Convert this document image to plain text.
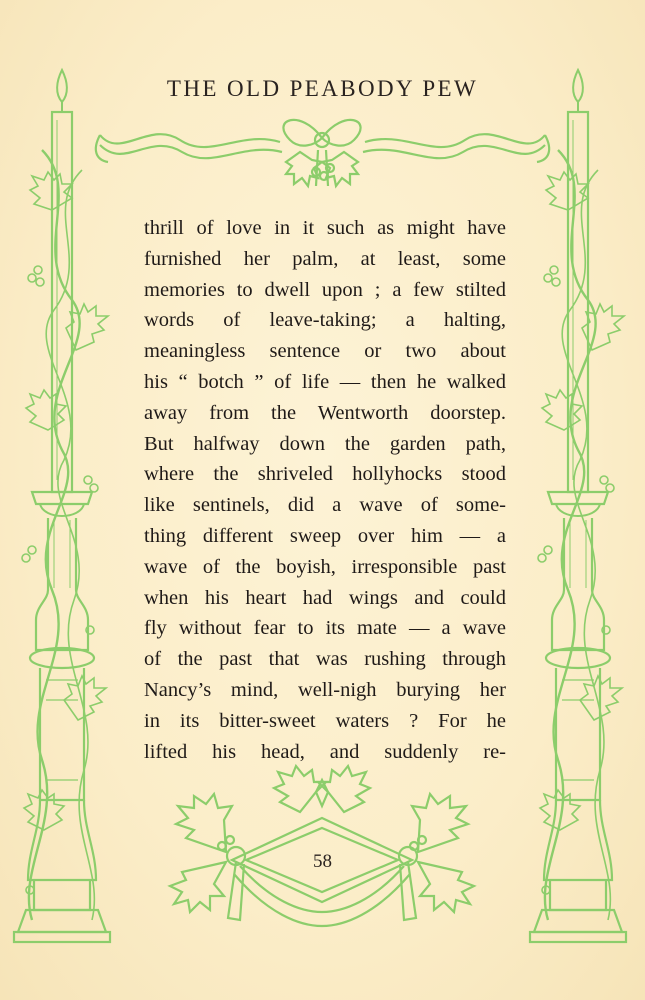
THE OLD PEABODY PEW
thrill of love in it such as might have
furnished her palm, at least, some
memories to dwell upon ; a few stilted
words of leave-taking; a halting,
meaningless sentence or two about
his “ botch ” of life — then he walked
away from the Wentworth doorstep.
But halfway down the garden path,
where the shriveled hollyhocks stood
like sentinels, did a wave of some-
thing different sweep over him — a
wave of the boyish, irresponsible past
when his heart had wings and could
fly without fear to its mate — a wave
of the past that was rushing through
Nancy’s mind, well-nigh burying her
in its bitter-sweet waters ? For he
lifted his head, and suddenly re-
58
